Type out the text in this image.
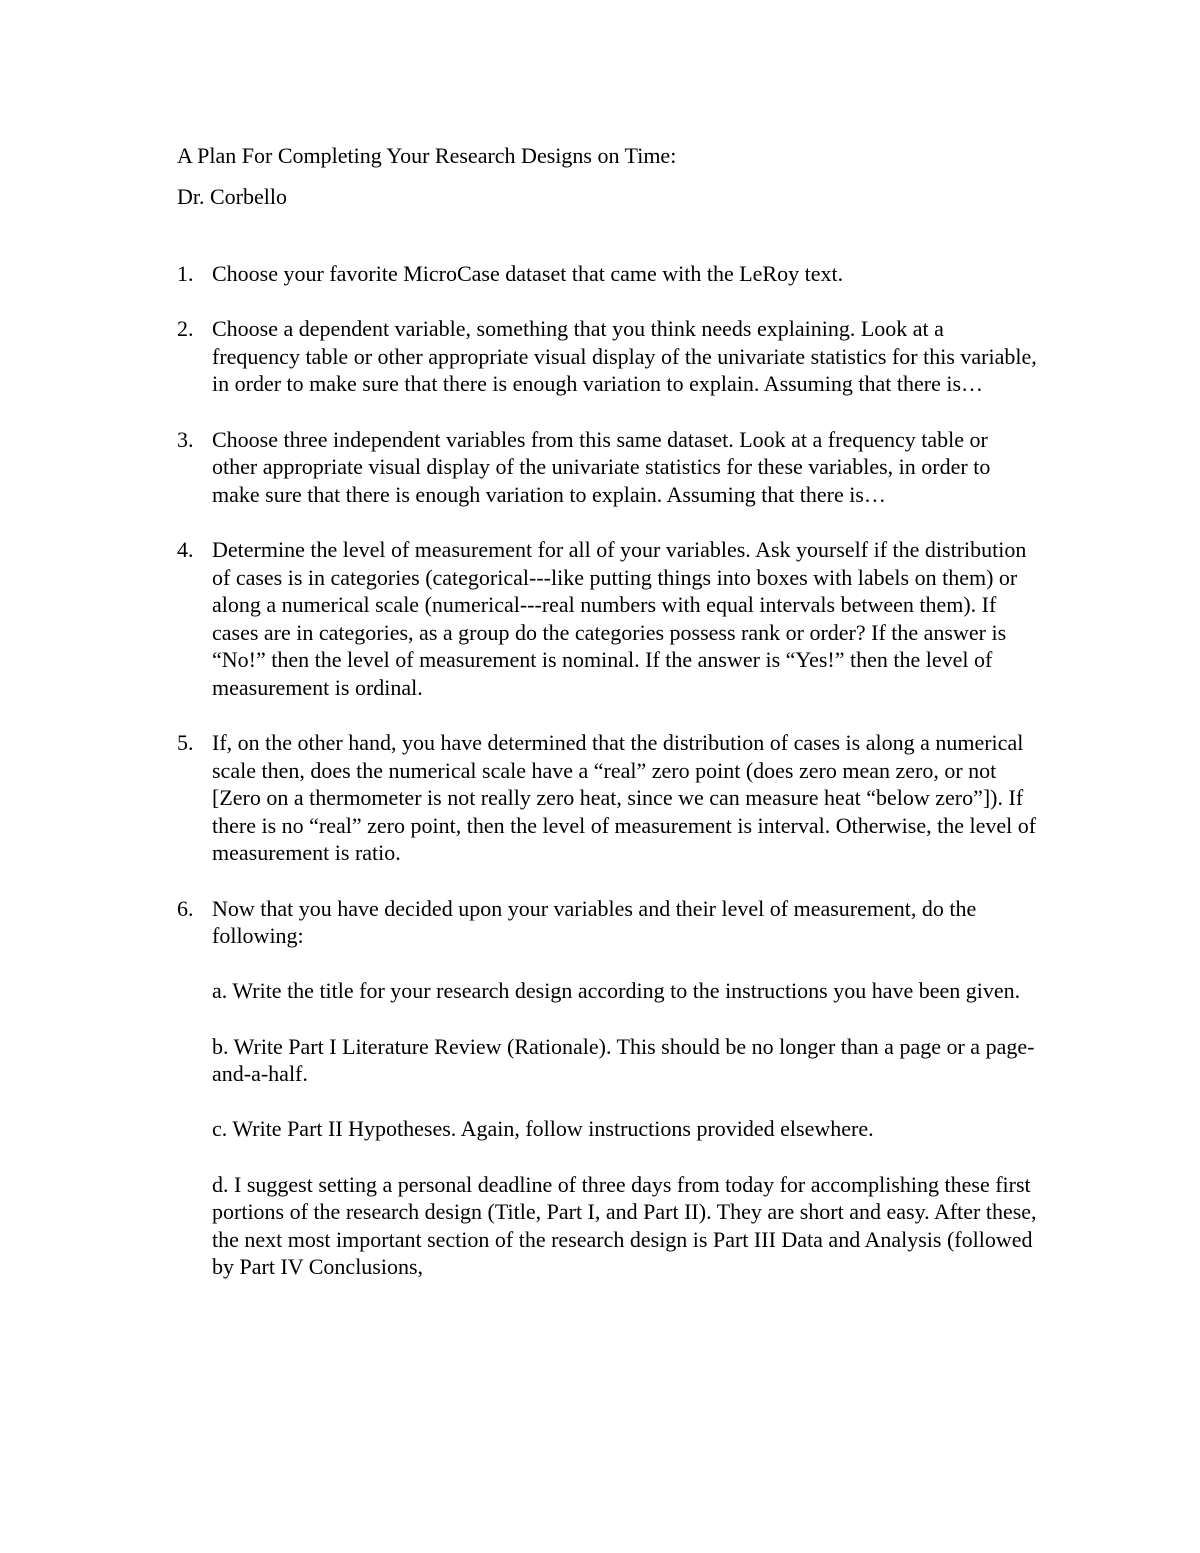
A Plan For Completing Your Research Designs on Time:
Dr. Corbello
1. Choose your favorite MicroCase dataset that came with the LeRoy text.
2. Choose a dependent variable, something that you think needs explaining. Look at a frequency table or other appropriate visual display of the univariate statistics for this variable, in order to make sure that there is enough variation to explain. Assuming that there is…
3. Choose three independent variables from this same dataset. Look at a frequency table or other appropriate visual display of the univariate statistics for these variables, in order to make sure that there is enough variation to explain. Assuming that there is…
4. Determine the level of measurement for all of your variables. Ask yourself if the distribution of cases is in categories (categorical---like putting things into boxes with labels on them) or along a numerical scale (numerical---real numbers with equal intervals between them). If cases are in categories, as a group do the categories possess rank or order? If the answer is “No!” then the level of measurement is nominal. If the answer is “Yes!” then the level of measurement is ordinal.
5. If, on the other hand, you have determined that the distribution of cases is along a numerical scale then, does the numerical scale have a “real” zero point (does zero mean zero, or not [Zero on a thermometer is not really zero heat, since we can measure heat “below zero”]). If there is no “real” zero point, then the level of measurement is interval. Otherwise, the level of measurement is ratio.
6. Now that you have decided upon your variables and their level of measurement, do the following:
a. Write the title for your research design according to the instructions you have been given.
b. Write Part I Literature Review (Rationale). This should be no longer than a page or a page-and-a-half.
c. Write Part II Hypotheses. Again, follow instructions provided elsewhere.
d. I suggest setting a personal deadline of three days from today for accomplishing these first portions of the research design (Title, Part I, and Part II). They are short and easy. After these, the next most important section of the research design is Part III Data and Analysis (followed by Part IV Conclusions,
